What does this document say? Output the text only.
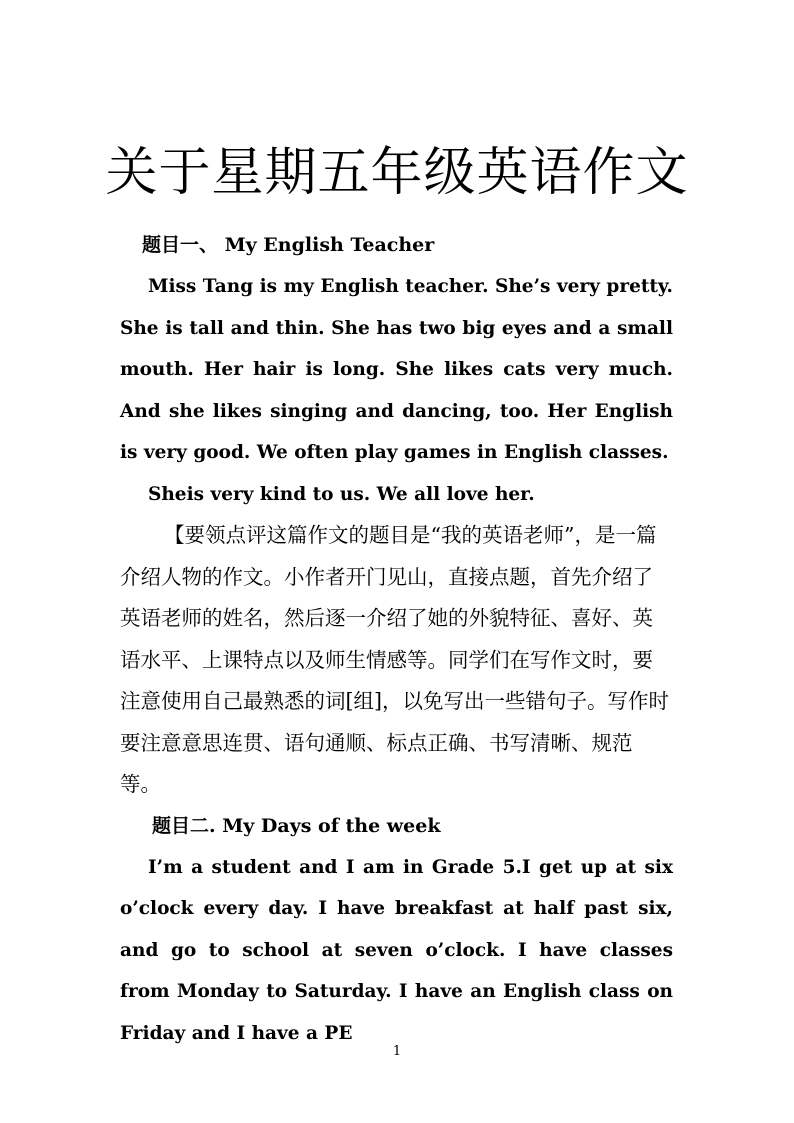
关于星期五年级英语作文

题目一、 My English Teacher

Miss Tang is my English teacher. She’s very pretty. She is tall and thin. She has two big eyes and a small mouth. Her hair is long. She likes cats very much. And she likes singing and dancing, too. Her English is very good. We often play games in English classes.

Sheis very kind to us. We all love her.

【要领点评这篇作文的题目是“我的英语老师”，是一篇介绍人物的作文。小作者开门见山，直接点题，首先介绍了英语老师的姓名，然后逐一介绍了她的外貌特征、喜好、英语水平、上课特点以及师生情感等。同学们在写作文时，要注意使用自己最熟悉的词[组]，以免写出一些错句子。写作时要注意意思连贯、语句通顺、标点正确、书写清晰、规范等。

题目二. My Days of the week

I’m a student and I am in Grade 5.I get up at six o’clock every day. I have breakfast at half past six, and go to school at seven o’clock. I have classes from Monday to Saturday. I have an English class on Friday and I have a PE

1
